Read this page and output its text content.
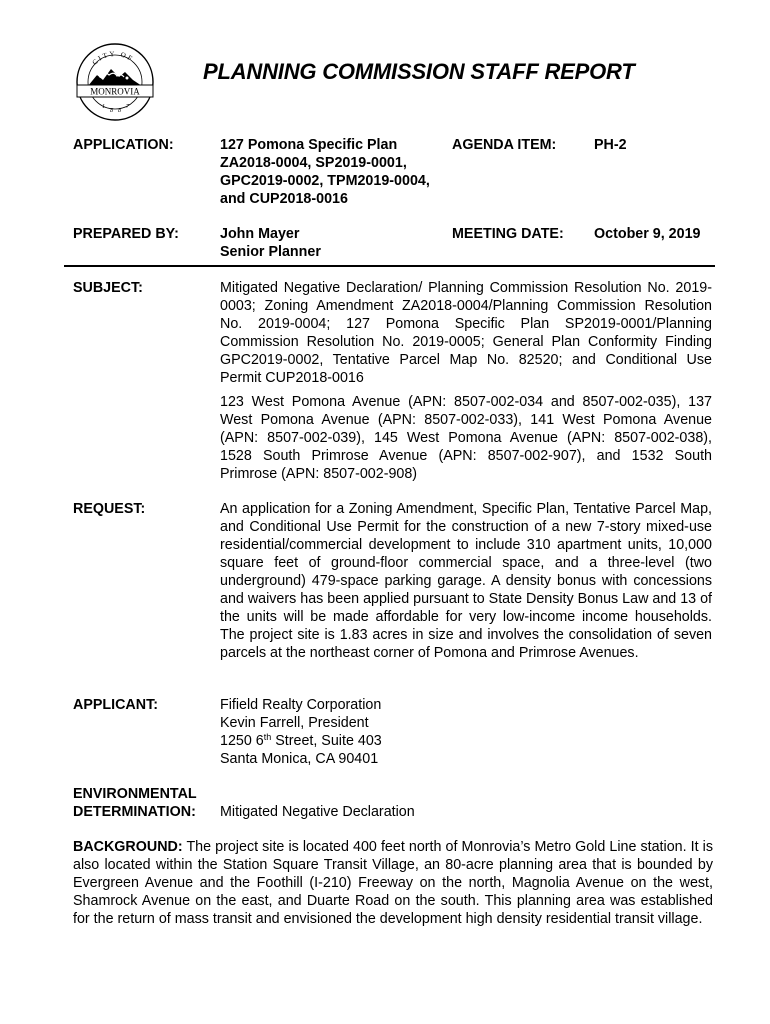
CITY OF
MONROVIA
1
8 8
7
PLANNING COMMISSION STAFF REPORT
APPLICATION:	127 Pomona Specific Plan
ZA2018-0004, SP2019-0001,
GPC2019-0002, TPM2019-0004,
and CUP2018-0016
AGENDA ITEM:	PH-2
PREPARED BY:	John Mayer
Senior Planner
MEETING DATE: October 9, 2019
SUBJECT:	Mitigated Negative Declaration/ Planning Commission Resolution No. 2019-0003; Zoning Amendment ZA2018-0004/Planning Commission Resolution No. 2019-0004; 127 Pomona Specific Plan SP2019-0001/Planning Commission Resolution No. 2019-0005; General Plan Conformity Finding GPC2019-0002, Tentative Parcel Map No. 82520; and Conditional Use Permit CUP2018-0016
123 West Pomona Avenue (APN: 8507-002-034 and 8507-002-035), 137 West Pomona Avenue (APN: 8507-002-033), 141 West Pomona Avenue (APN: 8507-002-039), 145 West Pomona Avenue (APN: 8507-002-038), 1528 South Primrose Avenue (APN: 8507-002-907), and 1532 South Primrose (APN: 8507-002-908)
REQUEST:	An application for a Zoning Amendment, Specific Plan, Tentative Parcel Map, and Conditional Use Permit for the construction of a new 7-story mixed-use residential/commercial development to include 310 apartment units, 10,000 square feet of ground-floor commercial space, and a three-level (two underground) 479-space parking garage. A density bonus with concessions and waivers has been applied pursuant to State Density Bonus Law and 13 of the units will be made affordable for very low-income income households. The project site is 1.83 acres in size and involves the consolidation of seven parcels at the northeast corner of Pomona and Primrose Avenues.
APPLICANT:	Fifield Realty Corporation
Kevin Farrell, President
1250 6th Street, Suite 403
Santa Monica, CA 90401
ENVIRONMENTAL
DETERMINATION: Mitigated Negative Declaration
BACKGROUND: The project site is located 400 feet north of Monrovia’s Metro Gold Line station. It is also located within the Station Square Transit Village, an 80-acre planning area that is bounded by Evergreen Avenue and the Foothill (I-210) Freeway on the north, Magnolia Avenue on the west, Shamrock Avenue on the east, and Duarte Road on the south. This planning area was established for the return of mass transit and envisioned the development high density residential transit village.
